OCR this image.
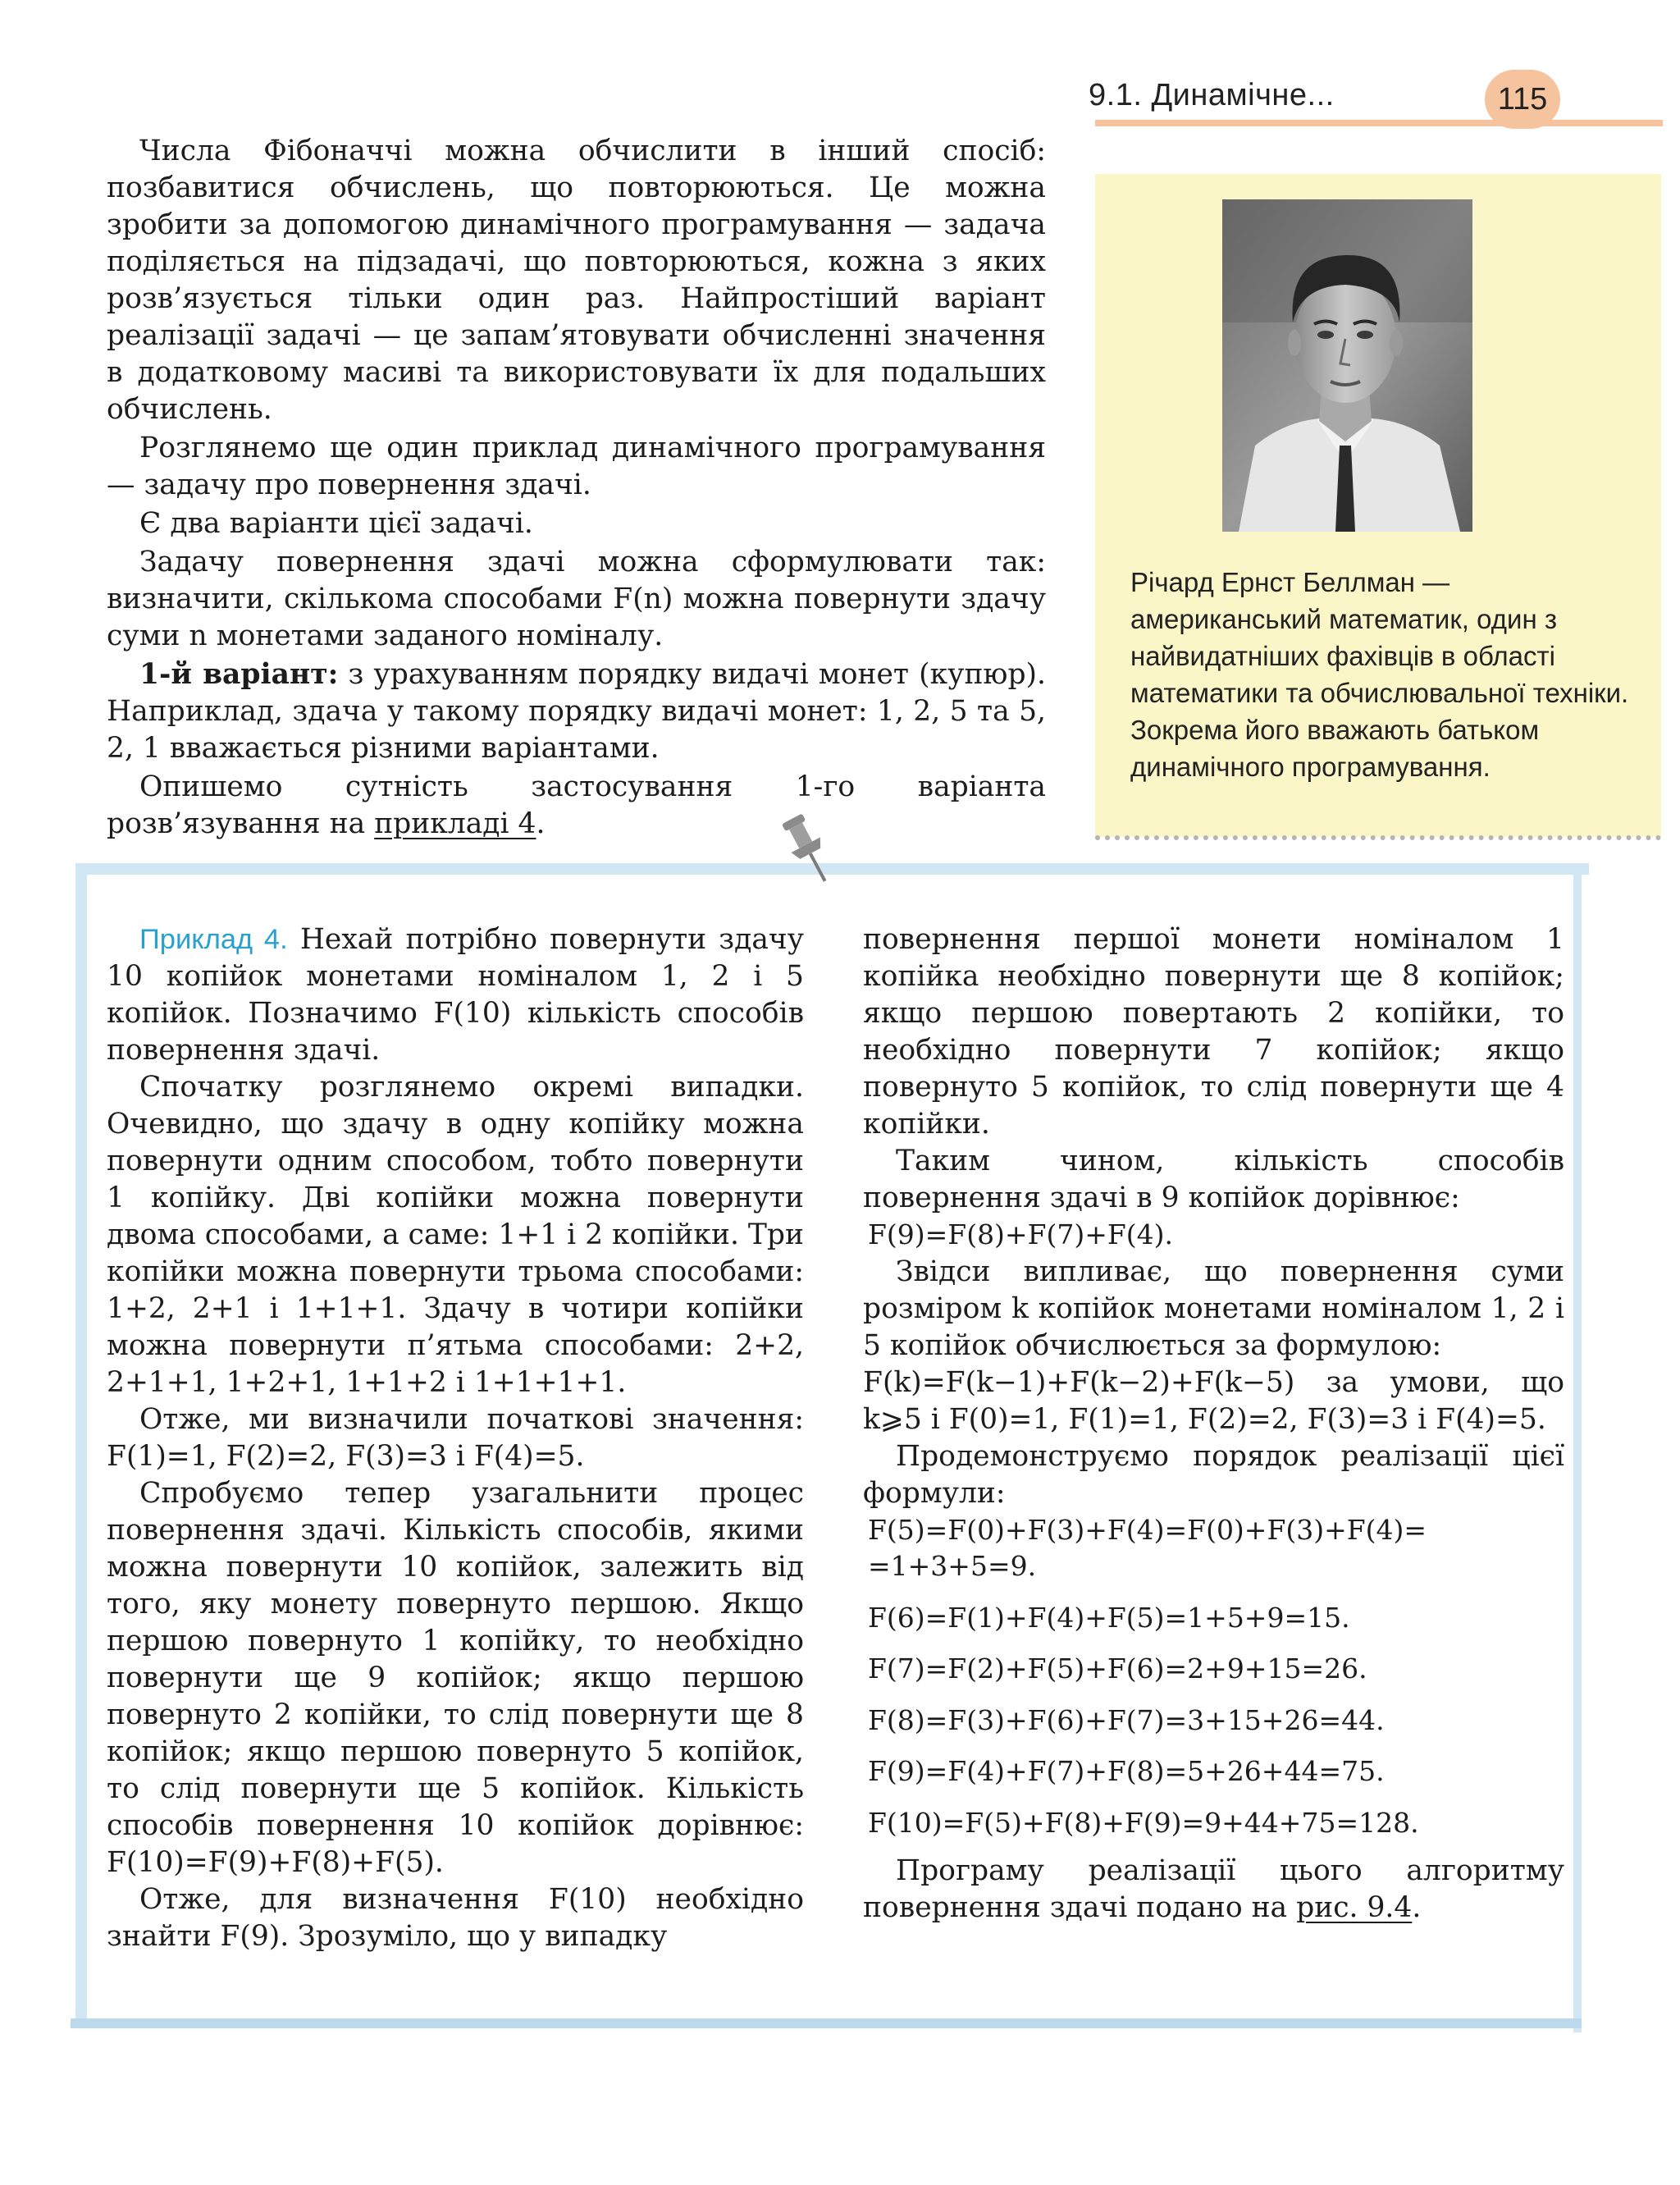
9.1. Динамічне...	115

Числа Фібоначчі можна обчислити в інший спосіб: позбавитися обчислень, що повторюються. Це можна зробити за допомогою динамічного програмування — задача поділяється на підзадачі, що повторюються, кожна з яких розв’язується тільки один раз. Найпростіший варіант реалізації задачі — це запам’ятовувати обчисленні значення в додатковому масиві та використовувати їх для подальших обчислень.

Розглянемо ще один приклад динамічного програмування — задачу про повернення здачі.

Є два варіанти цієї задачі.

Задачу повернення здачі можна сформулювати так: визначити, скількома способами F(n) можна повернути здачу суми n монетами заданого номіналу.

1-й варіант: з урахуванням порядку видачі монет (купюр). Наприклад, здача у такому порядку видачі монет: 1, 2, 5 та 5, 2, 1 вважається різними варіантами.

Опишемо сутність застосування 1-го варіанта розв’язування на прикладі 4.

Річард Ернст Беллман — американський математик, один з найвидатніших фахівців в області математики та обчислювальної техніки. Зокрема його вважають батьком динамічного програмування.

Приклад 4. Нехай потрібно повернути здачу 10 копійок монетами номіналом 1, 2 і 5 копійок. Позначимо F(10) кількість способів повернення здачі.

Спочатку розглянемо окремі випадки. Очевидно, що здачу в одну копійку можна повернути одним способом, тобто повернути 1 копійку. Дві копійки можна повернути двома способами, а саме: 1+1 і 2 копійки. Три копійки можна повернути трьома способами: 1+2, 2+1 і 1+1+1. Здачу в чотири копійки можна повернути п’ятьма способами: 2+2, 2+1+1, 1+2+1, 1+1+2 і 1+1+1+1.

Отже, ми визначили початкові значення: F(1)=1, F(2)=2, F(3)=3 і F(4)=5.

Спробуємо тепер узагальнити процес повернення здачі. Кількість способів, якими можна повернути 10 копійок, залежить від того, яку монету повернуто першою. Якщо першою повернуто 1 копійку, то необхідно повернути ще 9 копійок; якщо першою повернуто 2 копійки, то слід повернути ще 8 копійок; якщо першою повернуто 5 копійок, то слід повернути ще 5 копійок. Кількість способів повернення 10 копійок дорівнює: F(10)=F(9)+F(8)+F(5).

Отже, для визначення F(10) необхідно знайти F(9). Зрозуміло, що у випадку

повернення першої монети номіналом 1 копійка необхідно повернути ще 8 копійок; якщо першою повертають 2 копійки, то необхідно повернути 7 копійок; якщо повернуто 5 копійок, то слід повернути ще 4 копійки.

Таким чином, кількість способів повернення здачі в 9 копійок дорівнює:

F(9)=F(8)+F(7)+F(4).

Звідси випливає, що повернення суми розміром k копійок монетами номіналом 1, 2 і 5 копійок обчислюється за формулою:

F(k)=F(k−1)+F(k−2)+F(k−5) за умови, що k⩾5 і F(0)=1, F(1)=1, F(2)=2, F(3)=3 і F(4)=5.

Продемонструємо порядок реалізації цієї формули:

F(5)=F(0)+F(3)+F(4)=F(0)+F(3)+F(4)=

=1+3+5=9.

F(6)=F(1)+F(4)+F(5)=1+5+9=15.

F(7)=F(2)+F(5)+F(6)=2+9+15=26.

F(8)=F(3)+F(6)+F(7)=3+15+26=44.

F(9)=F(4)+F(7)+F(8)=5+26+44=75.

F(10)=F(5)+F(8)+F(9)=9+44+75=128.

Програму реалізації цього алгоритму повернення здачі подано на рис. 9.4.
